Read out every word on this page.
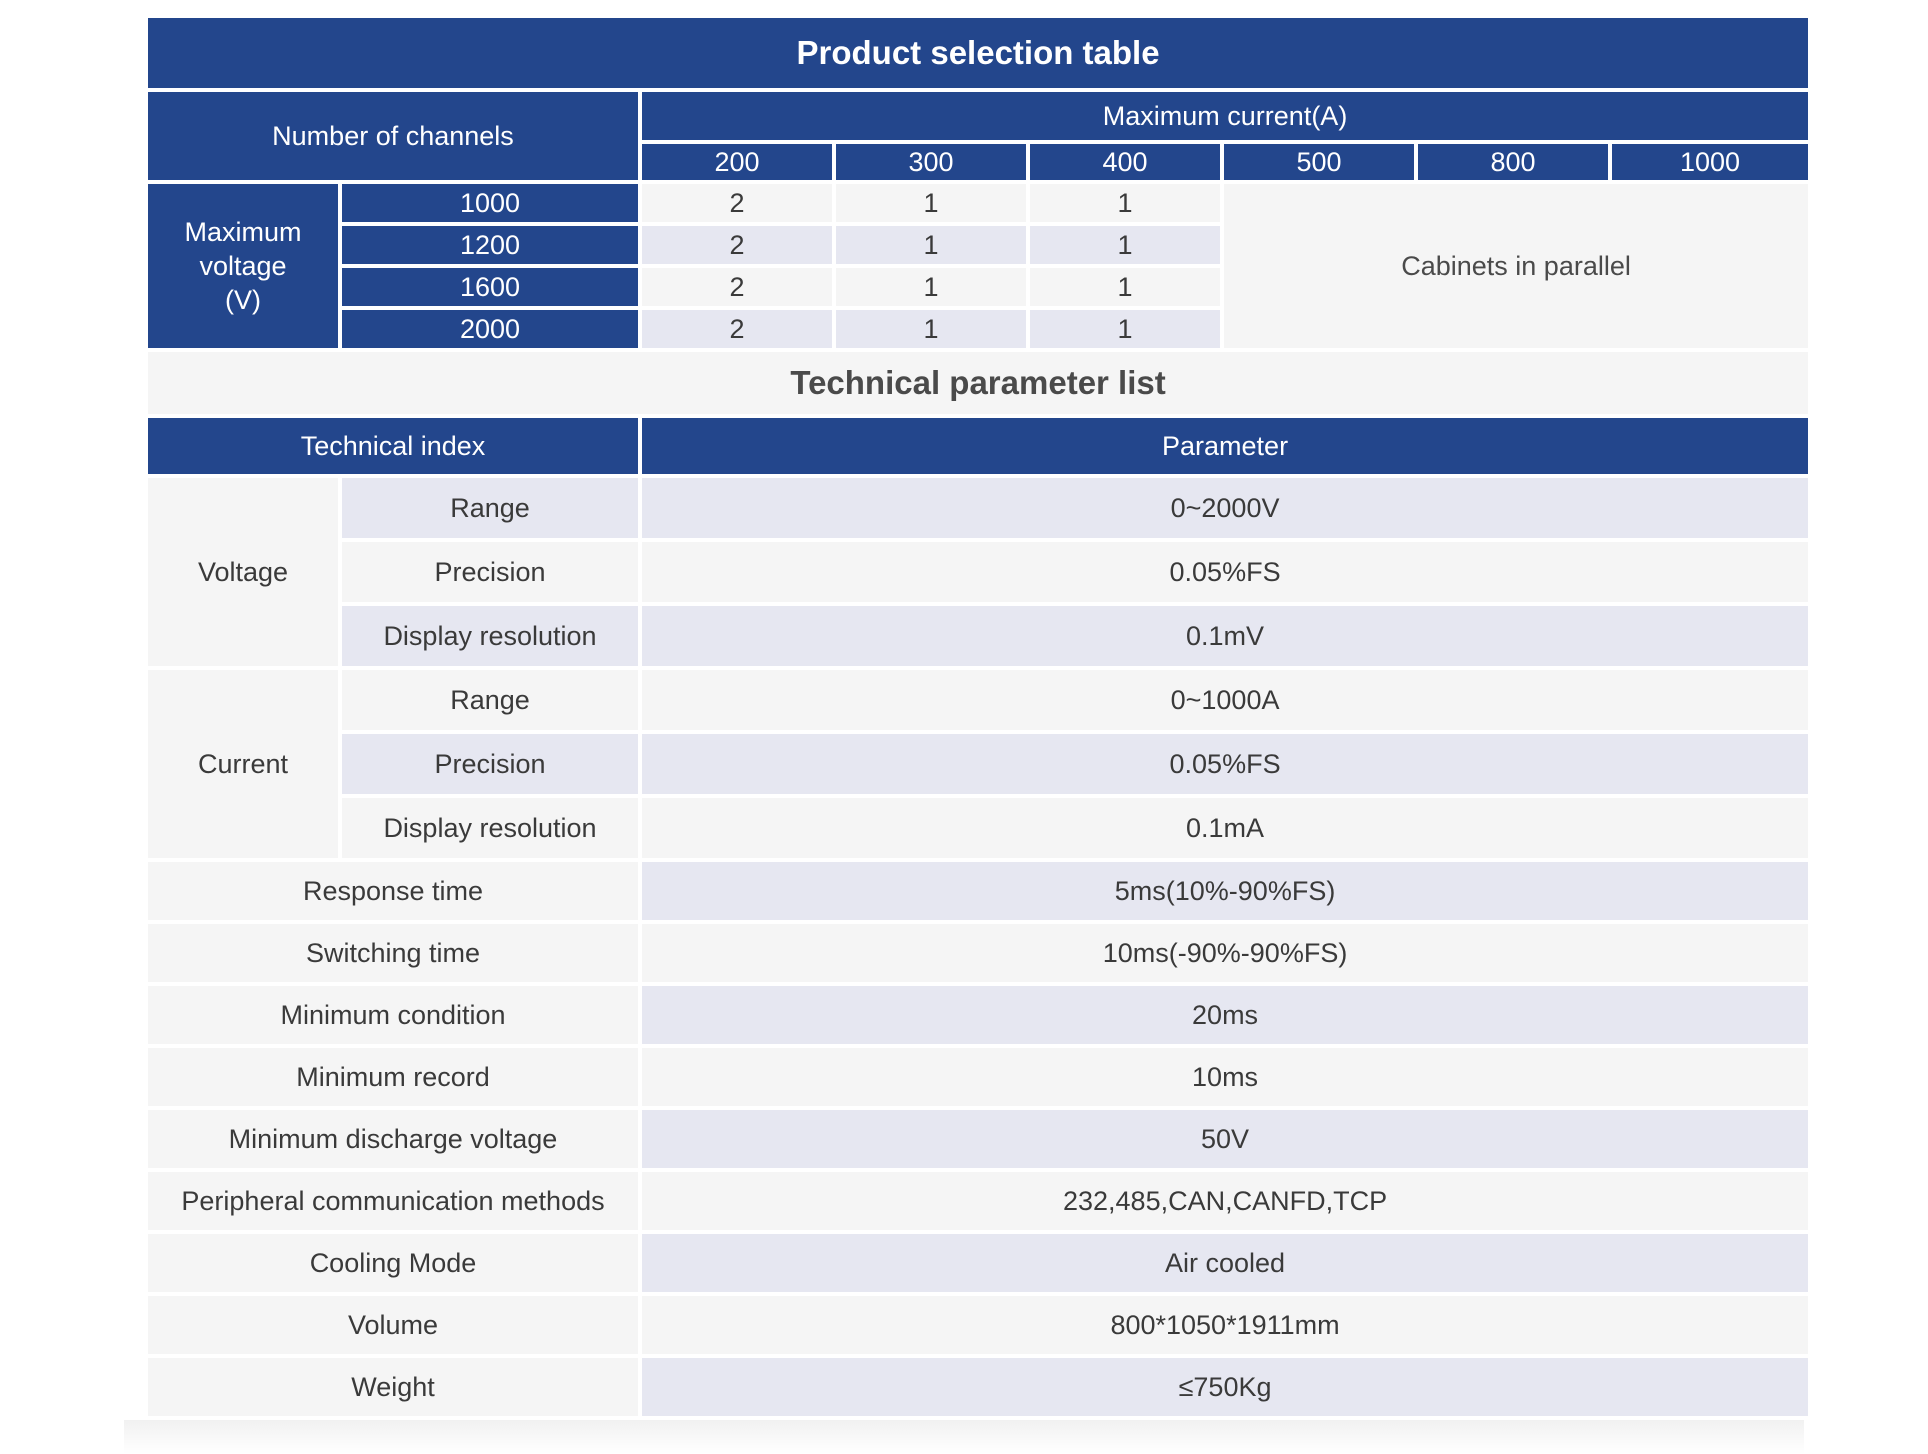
Product selection table							
Number of channels		Maximum current(A)					
		200	300	400	500	800	1000
Maximum
voltage
(V)	1000	2	1	1	Cabinets in parallel		
	1200	2	1	1			
	1600	2	1	1			
	2000	2	1	1			
Technical parameter list							
Technical index		Parameter					
Voltage	Range	0~2000V					
	Precision	0.05%FS					
	Display resolution	0.1mV					
Current	Range	0~1000A					
	Precision	0.05%FS					
	Display resolution	0.1mA					
Response time		5ms(10%-90%FS)					
Switching time		10ms(-90%-90%FS)					
Minimum condition		20ms					
Minimum record		10ms					
Minimum discharge voltage		50V					
Peripheral communication methods		232,485,CAN,CANFD,TCP					
Cooling Mode		Air cooled					
Volume		800*1050*1911mm					
Weight		≤750Kg					
